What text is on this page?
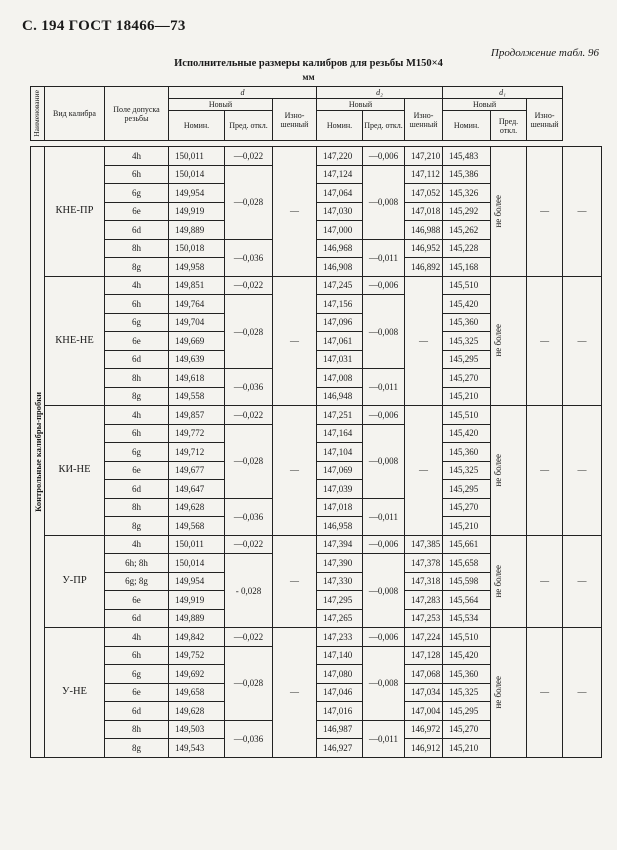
С. 194 ГОСТ 18466—73
Продолжение табл. 96
Исполнительные размеры калибров для резьбы М150×4
мм
Наименование	Вид калибра	Поле допуска резьбы	d			d₂			d₁			
			Новый		Изно-шенный	Новый		Изно-шенный	Новый		Изно-шенный	
			Номин.	Пред. откл.		Номин.	Пред. откл.		Номин.	Пред. откл.		

Контрольные калибры-пробки	КНЕ-ПР	4h	150,011	—0,022	—	147,220	—0,006	147,210	145,483	не более	—	—
		6h	150,014	—0,028		147,124	—0,008	147,112	145,386			
		6g	149,954			147,064		147,052	145,326			
		6e	149,919			147,030		147,018	145,292			
		6d	149,889			147,000		146,988	145,262			
		8h	150,018	—0,036		146,968	—0,011	146,952	145,228			
		8g	149,958			146,908		146,892	145,168			
	КНЕ-НЕ	4h	149,851	—0,022	—	147,245	—0,006	—	145,510	не более	—	—
		6h	149,764	—0,028		147,156	—0,008		145,420			
		6g	149,704			147,096			145,360			
		6e	149,669			147,061			145,325			
		6d	149,639			147,031			145,295			
		8h	149,618	—0,036		147,008	—0,011		145,270			
		8g	149,558			146,948			145,210			
	КИ-НЕ	4h	149,857	—0,022	—	147,251	—0,006	—	145,510	не более	—	—
		6h	149,772	—0,028		147,164	—0,008		145,420			
		6g	149,712			147,104			145,360			
		6e	149,677			147,069			145,325			
		6d	149,647			147,039			145,295			
		8h	149,628	—0,036		147,018	—0,011		145,270			
		8g	149,568			146,958			145,210			
	У-ПР	4h	150,011	—0,022	—	147,394	—0,006	147,385	145,661	не более	—	—
		6h; 8h	150,014	- 0,028		147,390	—0,008	147,378	145,658			
		6g; 8g	149,954			147,330		147,318	145,598			
		6e	149,919			147,295		147,283	145,564			
		6d	149,889			147,265		147,253	145,534			
	У-НЕ	4h	149,842	—0,022	—	147,233	—0,006	147,224	145,510	не более	—	—
		6h	149,752	—0,028		147,140	—0,008	147,128	145,420			
		6g	149,692			147,080		147,068	145,360			
		6e	149,658			147,046		147,034	145,325			
		6d	149,628			147,016		147,004	145,295			
		8h	149,503	—0,036		146,987	—0,011	146,972	145,270			
		8g	149,543			146,927		146,912	145,210			
